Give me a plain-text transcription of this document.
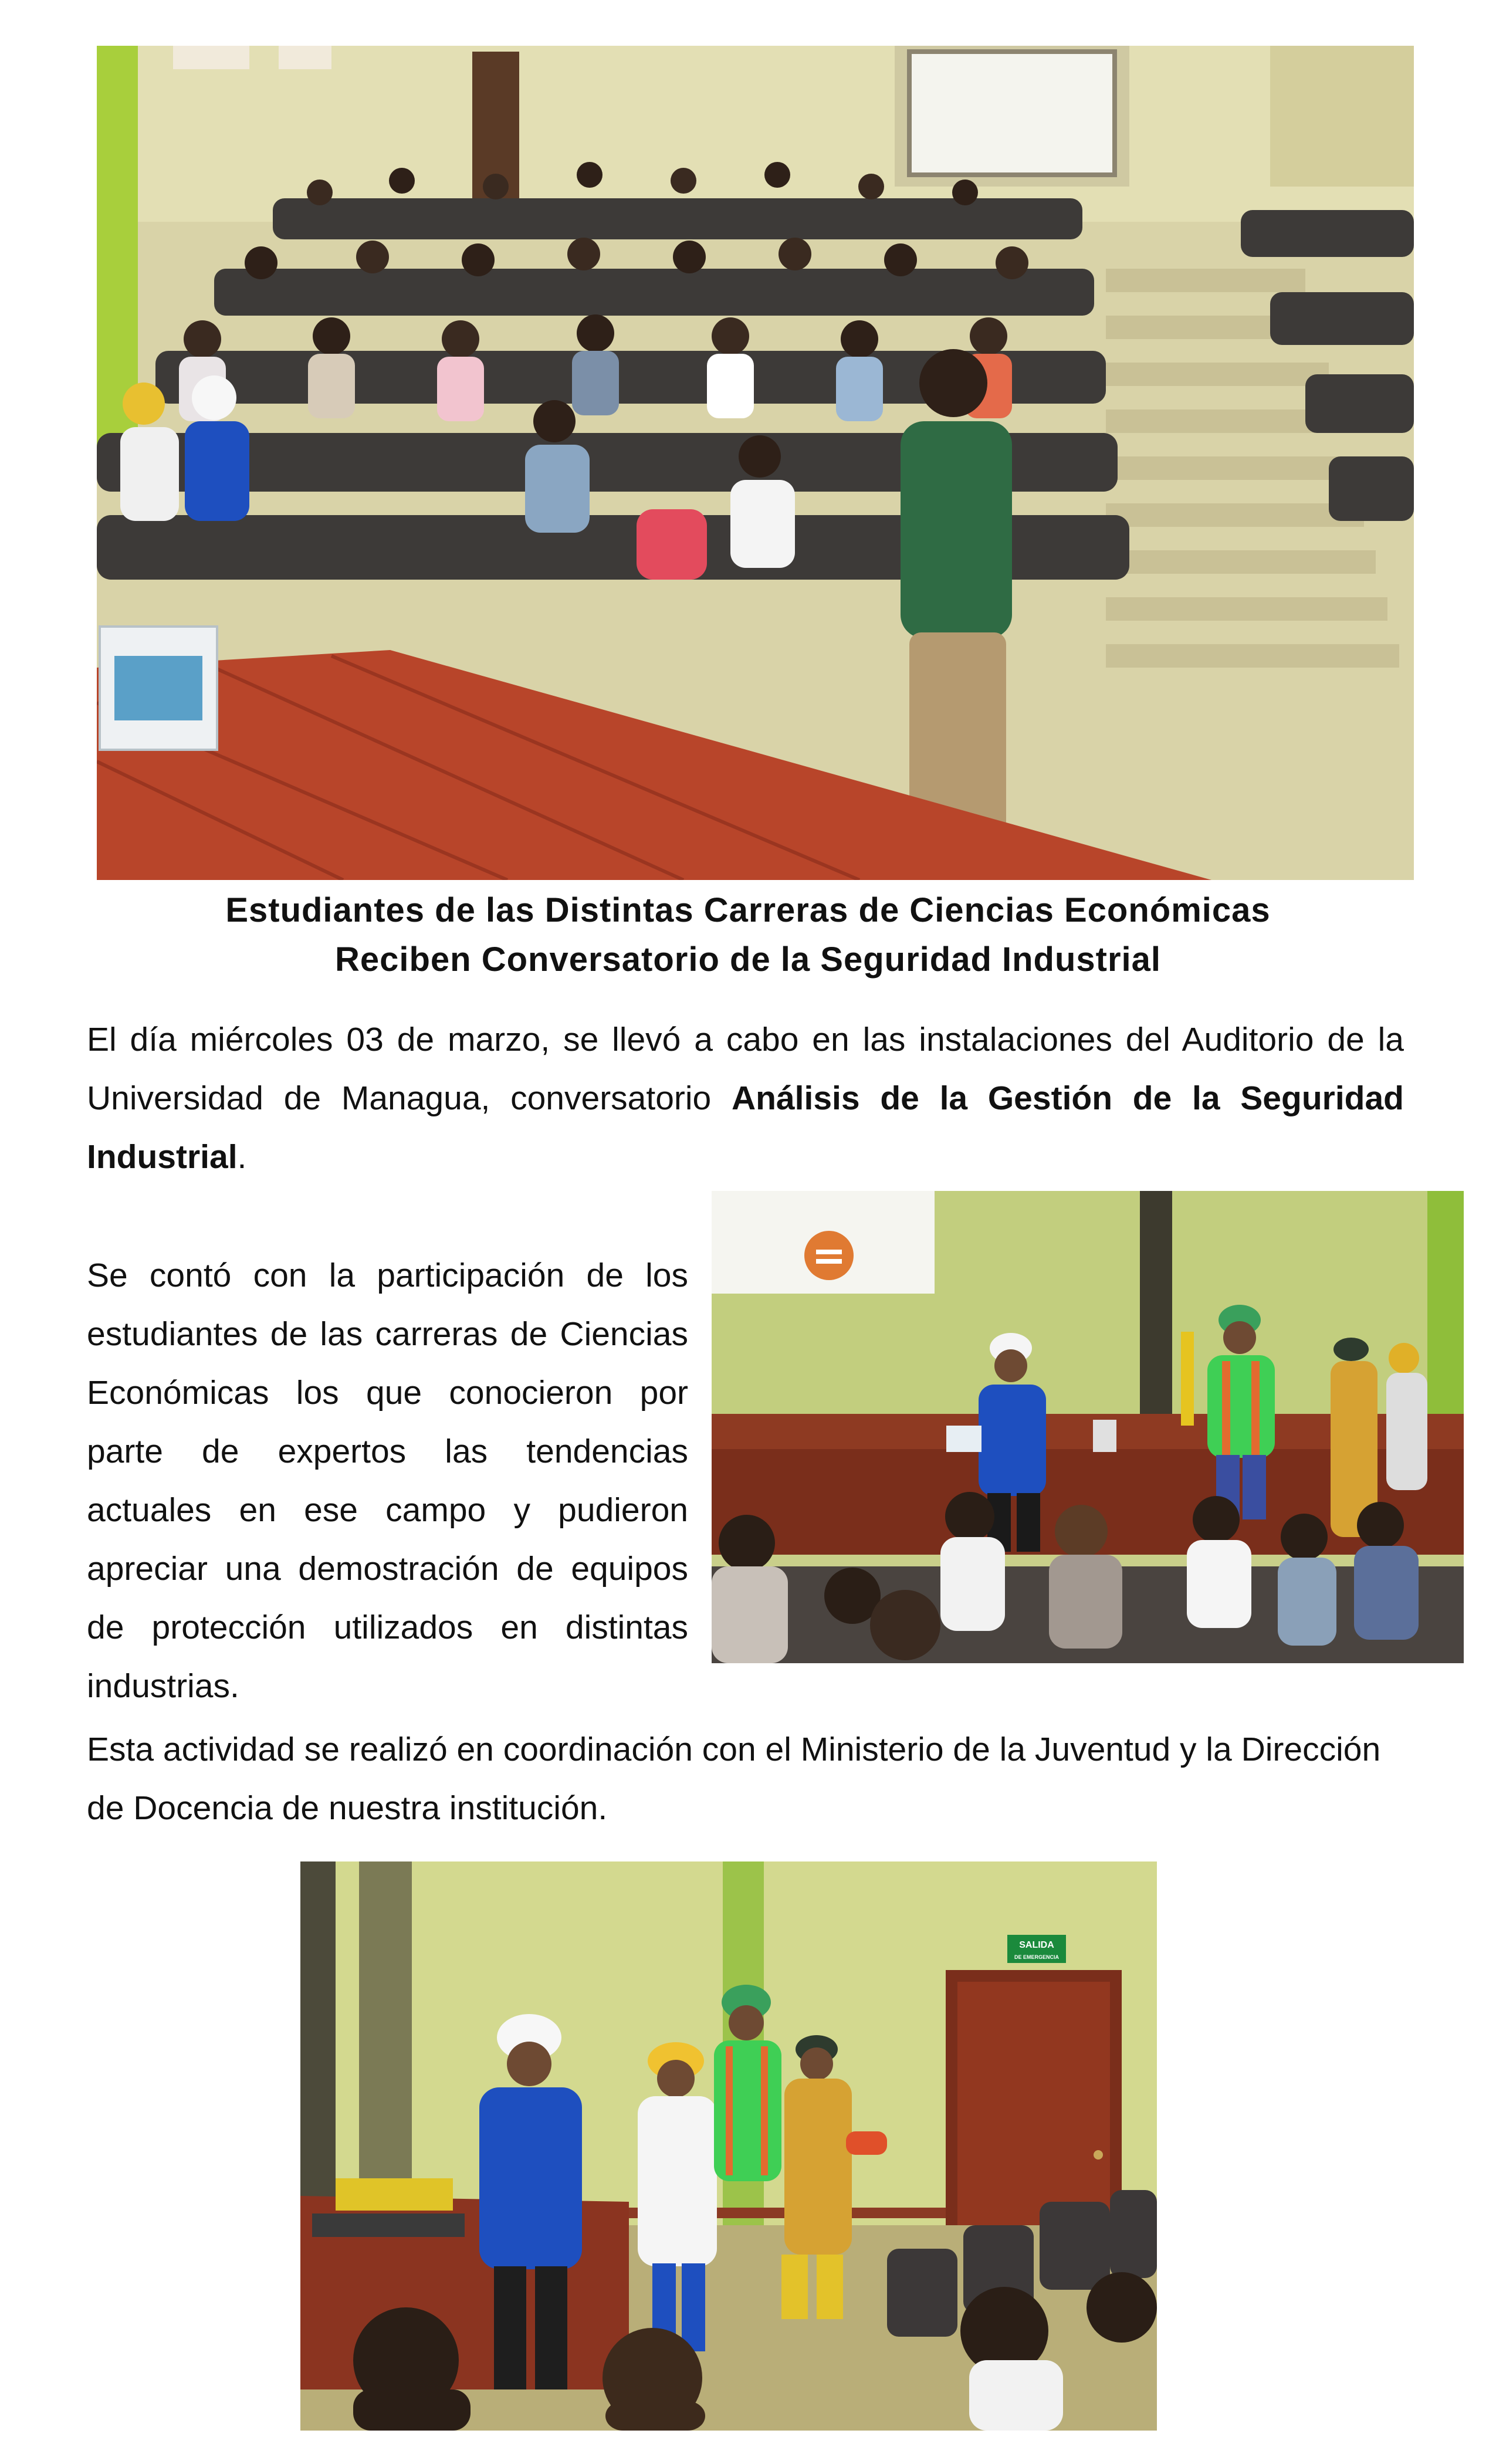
Estudiantes de las Distintas Carreras de Ciencias Económicas
Reciben Conversatorio de la Seguridad Industrial
El día miércoles 03 de marzo, se llevó a cabo en las instalaciones del Auditorio de la Universidad de Managua, conversatorio Análisis de la Gestión de la Seguridad Industrial.
Se contó con la participación de los estudiantes de las carreras de Ciencias Económicas los que conocieron por parte de expertos las tendencias actuales en ese campo y pudieron apreciar una demostración de equipos de protección utilizados en distintas industrias.
Esta actividad se realizó en coordinación con el Ministerio de la Juventud y la Dirección de Docencia de nuestra institución.
SALIDA
DE EMERGENCIA
